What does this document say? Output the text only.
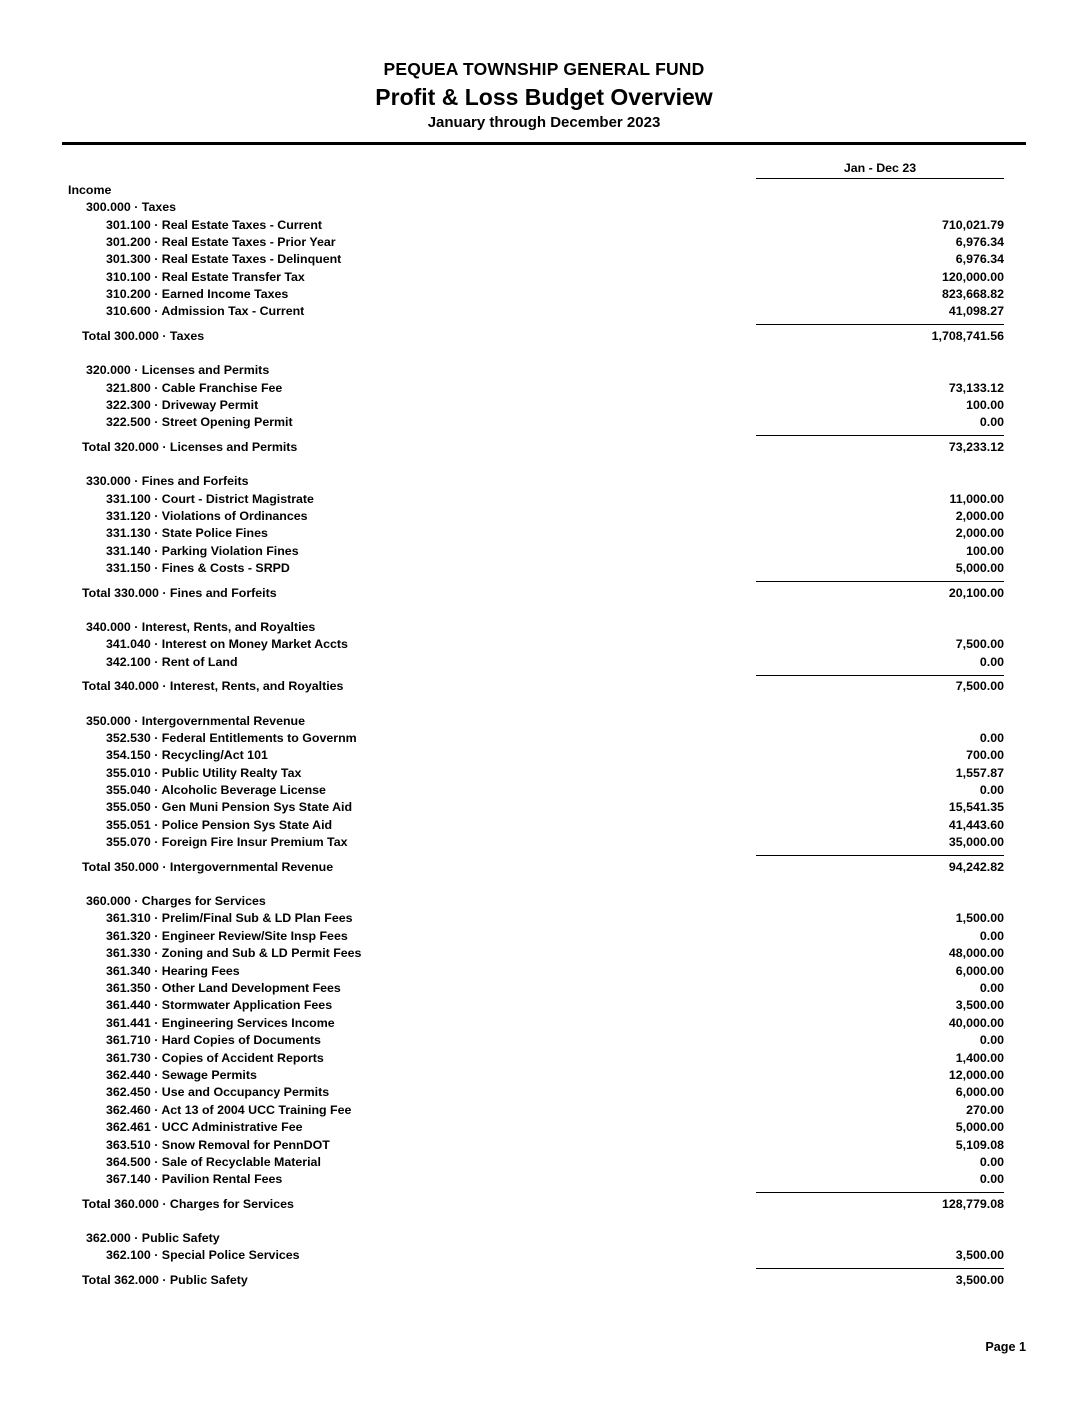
PEQUEA TOWNSHIP GENERAL FUND
Profit & Loss Budget Overview
January through December 2023

	Jan - Dec 23

Income	
300.000 · Taxes	
301.100 · Real Estate Taxes - Current	710,021.79
301.200 · Real Estate Taxes - Prior Year	6,976.34
301.300 · Real Estate Taxes - Delinquent	6,976.34
310.100 · Real Estate Transfer Tax	120,000.00
310.200 · Earned Income Taxes	823,668.82
310.600 · Admission Tax - Current	41,098.27

Total 300.000 · Taxes	1,708,741.56

320.000 · Licenses and Permits	
321.800 · Cable Franchise Fee	73,133.12
322.300 · Driveway Permit	100.00
322.500 · Street Opening Permit	0.00

Total 320.000 · Licenses and Permits	73,233.12

330.000 · Fines and Forfeits	
331.100 · Court - District Magistrate	11,000.00
331.120 · Violations of Ordinances	2,000.00
331.130 · State Police Fines	2,000.00
331.140 · Parking Violation Fines	100.00
331.150 · Fines & Costs - SRPD	5,000.00

Total 330.000 · Fines and Forfeits	20,100.00

340.000 · Interest, Rents, and Royalties	
341.040 · Interest on Money Market Accts	7,500.00
342.100 · Rent of Land	0.00

Total 340.000 · Interest, Rents, and Royalties	7,500.00

350.000 · Intergovernmental Revenue	
352.530 · Federal Entitlements to Governm	0.00
354.150 · Recycling/Act 101	700.00
355.010 · Public Utility Realty Tax	1,557.87
355.040 · Alcoholic Beverage License	0.00
355.050 · Gen Muni Pension Sys State Aid	15,541.35
355.051 · Police Pension Sys State Aid	41,443.60
355.070 · Foreign Fire Insur Premium Tax	35,000.00

Total 350.000 · Intergovernmental Revenue	94,242.82

360.000 · Charges for Services	
361.310 · Prelim/Final Sub & LD Plan Fees	1,500.00
361.320 · Engineer Review/Site Insp Fees	0.00
361.330 · Zoning and Sub & LD Permit Fees	48,000.00
361.340 · Hearing Fees	6,000.00
361.350 · Other Land Development Fees	0.00
361.440 · Stormwater Application Fees	3,500.00
361.441 · Engineering Services Income	40,000.00
361.710 · Hard Copies of Documents	0.00
361.730 · Copies of Accident Reports	1,400.00
362.440 · Sewage Permits	12,000.00
362.450 · Use and Occupancy Permits	6,000.00
362.460 · Act 13 of 2004 UCC Training Fee	270.00
362.461 · UCC Administrative Fee	5,000.00
363.510 · Snow Removal for PennDOT	5,109.08
364.500 · Sale of Recyclable Material	0.00
367.140 · Pavilion Rental Fees	0.00

Total 360.000 · Charges for Services	128,779.08

362.000 · Public Safety	
362.100 · Special Police Services	3,500.00

Total 362.000 · Public Safety	3,500.00
Page 1
